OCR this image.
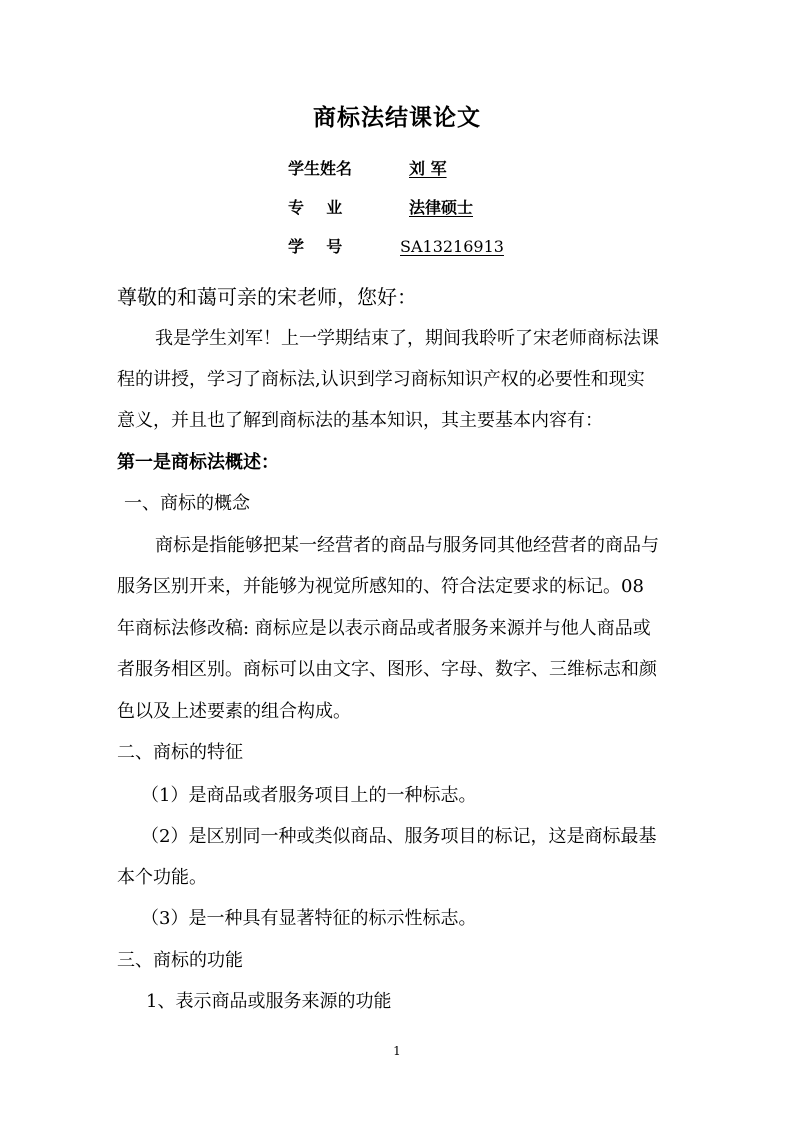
商标法结课论文
学生姓名	刘 军
专    业	法律硕士
学    号	SA13216913
尊敬的和蔼可亲的宋老师，您好：
我是学生刘军！上一学期结束了，期间我聆听了宋老师商标法课
程的讲授，学习了商标法,认识到学习商标知识产权的必要性和现实
意义，并且也了解到商标法的基本知识，其主要基本内容有：
第一是商标法概述：
一、商标的概念
商标是指能够把某一经营者的商品与服务同其他经营者的商品与
服务区别开来，并能够为视觉所感知的、符合法定要求的标记。08
年商标法修改稿: 商标应是以表示商品或者服务来源并与他人商品或
者服务相区别。商标可以由文字、图形、字母、数字、三维标志和颜
色以及上述要素的组合构成。
二、商标的特征
（1）是商品或者服务项目上的一种标志。
（2）是区别同一种或类似商品、服务项目的标记，这是商标最基
本个功能。
（3）是一种具有显著特征的标示性标志。
三、商标的功能
1、表示商品或服务来源的功能
1
